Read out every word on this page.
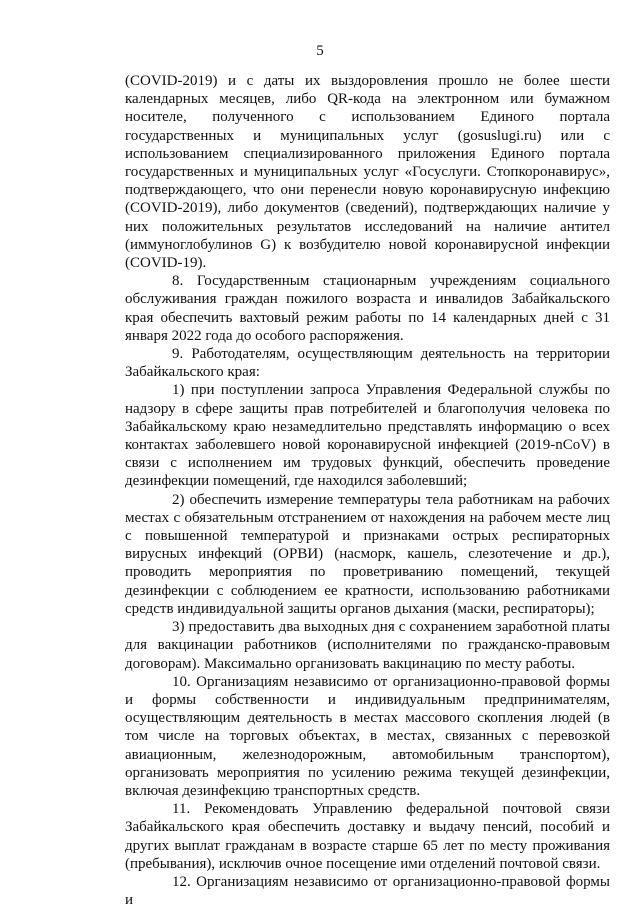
5

(COVID-2019) и с даты их выздоровления прошло не более шести календарных месяцев, либо QR-кода на электронном или бумажном носителе, полученного с использованием Единого портала государственных и муниципальных услуг (gosuslugi.ru) или с использованием специализированного приложения Единого портала государственных и муниципальных услуг «Госуслуги. Стопкоронавирус», подтверждающего, что они перенесли новую коронавирусную инфекцию (COVID-2019), либо документов (сведений), подтверждающих наличие у них положительных результатов исследований на наличие антител (иммуноглобулинов G) к возбудителю новой коронавирусной инфекции (COVID-19).

8. Государственным стационарным учреждениям социального обслуживания граждан пожилого возраста и инвалидов Забайкальского края обеспечить вахтовый режим работы по 14 календарных дней с 31 января 2022 года до особого распоряжения.

9. Работодателям, осуществляющим деятельность на территории Забайкальского края:

1) при поступлении запроса Управления Федеральной службы по надзору в сфере защиты прав потребителей и благополучия человека по Забайкальскому краю незамедлительно представлять информацию о всех контактах заболевшего новой коронавирусной инфекцией (2019-nCoV) в связи с исполнением им трудовых функций, обеспечить проведение дезинфекции помещений, где находился заболевший;

2) обеспечить измерение температуры тела работникам на рабочих местах с обязательным отстранением от нахождения на рабочем месте лиц с повышенной температурой и признаками острых респираторных вирусных инфекций (ОРВИ) (насморк, кашель, слезотечение и др.), проводить мероприятия по проветриванию помещений, текущей дезинфекции с соблюдением ее кратности, использованию работниками средств индивидуальной защиты органов дыхания (маски, респираторы);

3) предоставить два выходных дня с сохранением заработной платы для вакцинации работников (исполнителями по гражданско-правовым договорам). Максимально организовать вакцинацию по месту работы.

10. Организациям независимо от организационно-правовой формы и формы собственности и индивидуальным предпринимателям, осуществляющим деятельность в местах массового скопления людей (в том числе на торговых объектах, в местах, связанных с перевозкой авиационным, железнодорожным, автомобильным транспортом), организовать мероприятия по усилению режима текущей дезинфекции, включая дезинфекцию транспортных средств.

11. Рекомендовать Управлению федеральной почтовой связи Забайкальского края обеспечить доставку и выдачу пенсий, пособий и других выплат гражданам в возрасте старше 65 лет по месту проживания (пребывания), исключив очное посещение ими отделений почтовой связи.

12. Организациям независимо от организационно-правовой формы и
